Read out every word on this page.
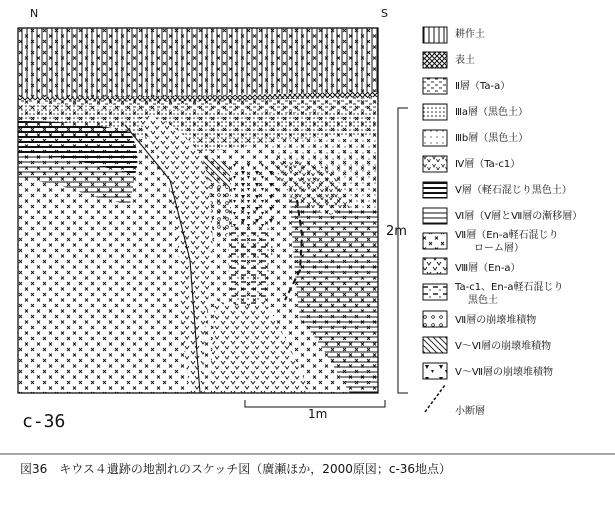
N	S
2m
1m
c-36
耕作土
表土
Ⅱ層（Ta-a）
Ⅲa層（黒色土）
Ⅲb層（黒色土）
Ⅳ層（Ta-c1）
Ⅴ層（軽石混じり黒色土）
Ⅵ層（Ⅴ層とⅦ層の漸移層）
Ⅶ層（En-a軽石混じり
ローム層）
Ⅷ層（En-a）
Ta-c1、En-a軽石混じり
黒色土
Ⅶ層の崩壊堆積物
Ⅴ～Ⅵ層の崩壊堆積物
Ⅴ～Ⅶ層の崩壊堆積物
小断層
図36　キウス４遺跡の地割れのスケッチ図（廣瀬ほか，2000原図；c-36地点）
